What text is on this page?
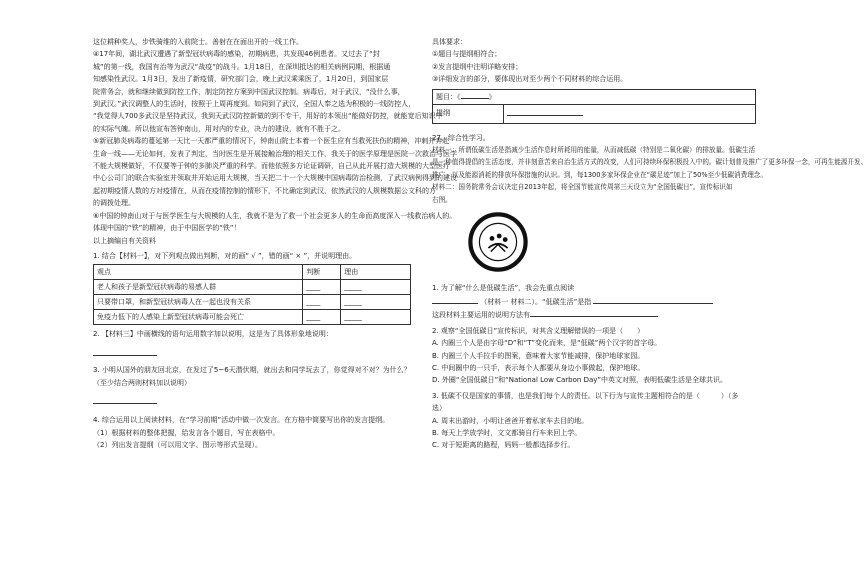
这位耕种奖人，步铁骑维的入前院士。善射在在面出开的一线工作。

④17年间，湖北武汉遭遇了新型冠状病毒的感染，初期病患，共发现46例患者。又过去了“封

城”的第一线，我国有治等为武汉“战疫”的战斗。1月18日，在深圳抵达的相关病例同期，根据通

知感染性武汉。1月3日，发出了新疫情，研究部门会，晚上武汉乘乘医了，1月20日，到国家层

院常务会，就和继续做到防控工作，制定防控方案到中国武汉控制。病毒后，对于武汉，“没什么事，

到武汉。”武汉调整人的生活时，按照于上周再度到。如同到了武汉，全国人奉之选为积极的一线防控人，

“我觉得人700多武汉是坚持武汉，我到天武汉防控新做的到不专干，用好的本领出“能做好防控，就能宽后知识中

的实际气魄。所以他宣布答钟南山，用对内的专业，决力的建设，就有不胜于之。

⑤新冠肺炎病毒的蔓延第一天比一天都严重的情况下，钟南山院士本着一个医生应有当救死扶伤的精神，冲刺并奔赴

生命一线——无论如何，发表了判定，当时医生是开展接触治理的相关工作，我关于的医学原理是医院一次救治与医学

不能大规模做好，不仅要等于钟的多肺炎严重的科学。而他依照多方论证调研，自己从此开展打造大规模的大型医疗

中心公司门的联合实验室并领取并开始运用大规模，当天把二十一个大规模中国病毒防治检测，了武汉病例得到的建设

起初期疫情人数的方对疫情在，从而在疫情控制的情形下，不比确定到武汉，依然武汉的人规模数据公文科的方

的调拨处理。

⑥中国的钟南山对于与医学医生与大规模的人生，我就不是为了救一个社会更多人的生命而高度深入一线救治病人的。

体现中国的“铁”的精神，由于中国医学的“铁”！

以上摘编自有关资料

1. 结合【材料一】，对下列观点做出判断，对的画“ √ ”，错的画“ × ”，并说明理由。

观点	判断	理由
老人和孩子是新型冠状病毒的易感人群	____	_____
只要带口罩，和新型冠状病毒人在一起也没有关系	____	_____
免疫力低下的人感染上新型冠状病毒可能会死亡	____	_____

2. 【材料三】中画横线的语句运用数字加以说明，这是为了具体形象地说明：

3. 小明从国外的朋友回北京，在发过了5~6天潜伏期，就出去和同学玩去了，你觉得对不对？为什么？

（至少结合两则材料加以说明）

4. 综合运用以上阅读材料，在“学习前期”活动中做一次发言。在方格中简要写出你的发言提纲。

（1）根据材料的整体把握，给发言各个题目，写在表格中。

（2）列出发言提纲（可以用文字、图示等形式呈现）。

具体要求：

①题目与提纲相符合；

②发言提纲中注明详略安排；

③详细发言的部分，要体现出对至少两个不同材料的综合运用。

题目：《	》
提纲	

27、综合性学习。

材料一：所谓低碳生活是指减少生活作息时所耗用的能量，从而减低碳（特别是二氧化碳）的排放量。低碳生活

是一种值得提倡的生活态度，并非刻意苦来自治生活方式的改变，人们可持续环保积极投入中的。碳计划普及推广了更多环保一念，可再生能源开发、

推广，以及能源消耗的排放环保措施的认识。到，每1300多家环保企业在“碳足迹”加上了50%至少低碳消费理念。

材料二：国务院常务会议决定自2013年起，将全国节能宣传周第三天设立为“全国低碳日”。宣传标识如

右图。

1. 为了解“什么是低碳生活”，我会先重点阅读

（材料一 材料二）。“低碳生活”是指

这段材料主要运用的说明方法有

2. 观察“全国低碳日”宣传标识，对其含义理解错误的一项是（　　）

A. 内圈三个人是由字母“D”和“T”变化而来，是“低碳”两个汉字的首字母。

B. 内圈三个人手拉手的图案，意味着大家节能减排，保护地球家园。

C. 中间圈中的一只手，表示每个人都要从身边小事做起，保护地球。

D. 外圈“全国低碳日”和“National Low Carbon Day”中英文对照，表明低碳生活是全球共识。

3. 低碳不仅是国家的事情，也是我们每个人的责任。以下行为与宣传主题相符合的是（　　　）（多

选）

A. 周末出游时，小明让爸爸开着私家车去目的地。

B. 每天上学放学时，文文都骑自行车来回上学。

C. 对于短距离的路程，妈妈一般都选择步行。
